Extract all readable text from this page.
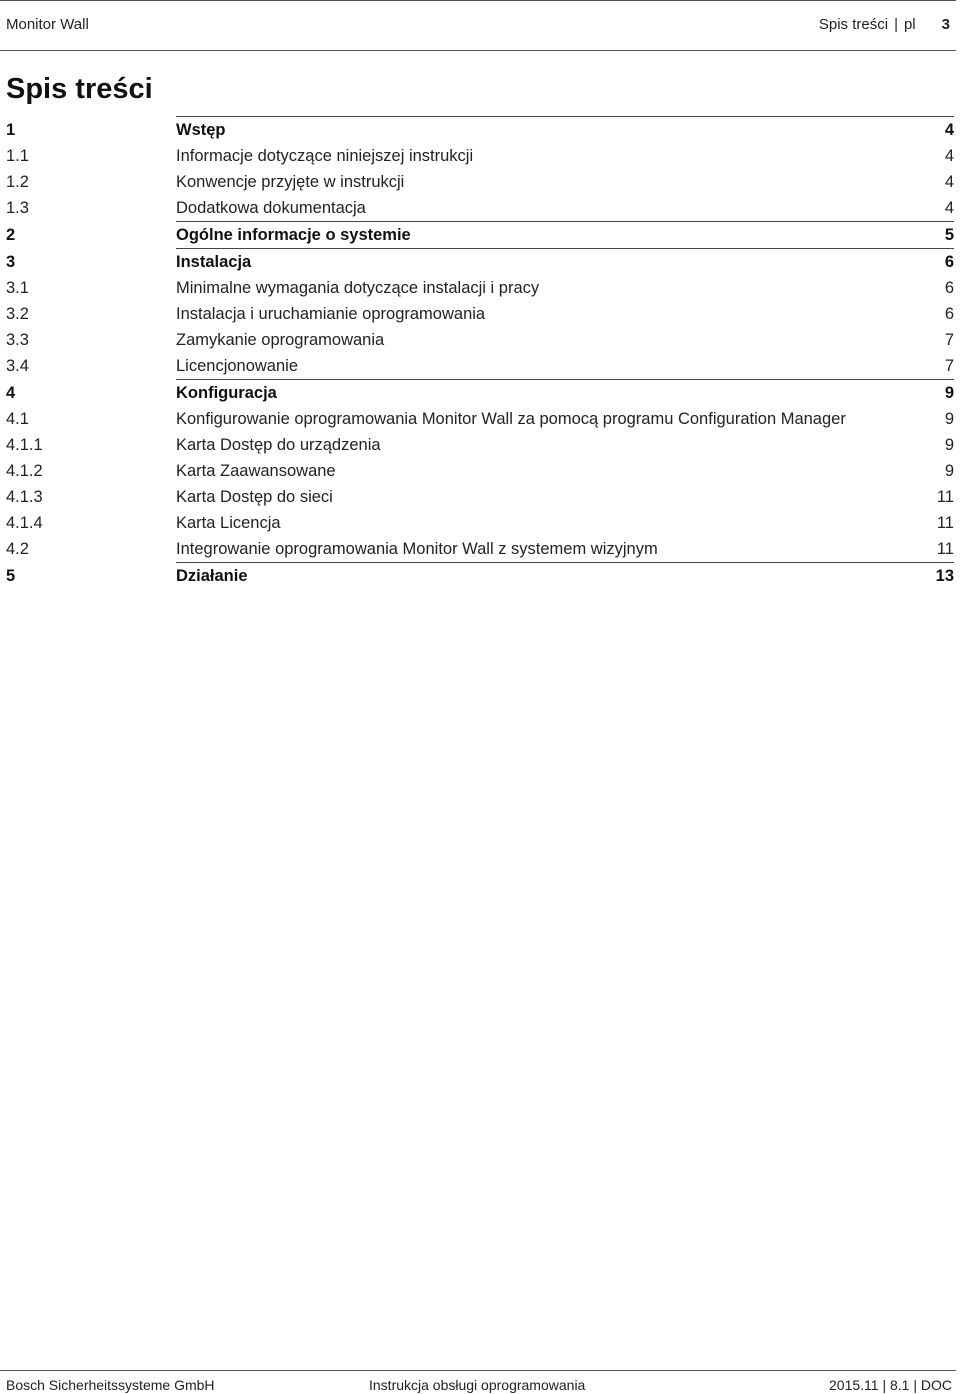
Monitor Wall	Spis treści | pl 3
Spis treści
1	Wstęp	4
1.1	Informacje dotyczące niniejszej instrukcji	4
1.2	Konwencje przyjęte w instrukcji	4
1.3	Dodatkowa dokumentacja	4
2	Ogólne informacje o systemie	5
3	Instalacja	6
3.1	Minimalne wymagania dotyczące instalacji i pracy	6
3.2	Instalacja i uruchamianie oprogramowania	6
3.3	Zamykanie oprogramowania	7
3.4	Licencjonowanie	7
4	Konfiguracja	9
4.1	Konfigurowanie oprogramowania Monitor Wall za pomocą programu Configuration Manager	9
4.1.1	Karta Dostęp do urządzenia	9
4.1.2	Karta Zaawansowane	9
4.1.3	Karta Dostęp do sieci	11
4.1.4	Karta Licencja	11
4.2	Integrowanie oprogramowania Monitor Wall z systemem wizyjnym	11
5	Działanie	13
Bosch Sicherheitssysteme GmbH	Instrukcja obsługi oprogramowania	2015.11 | 8.1 | DOC
